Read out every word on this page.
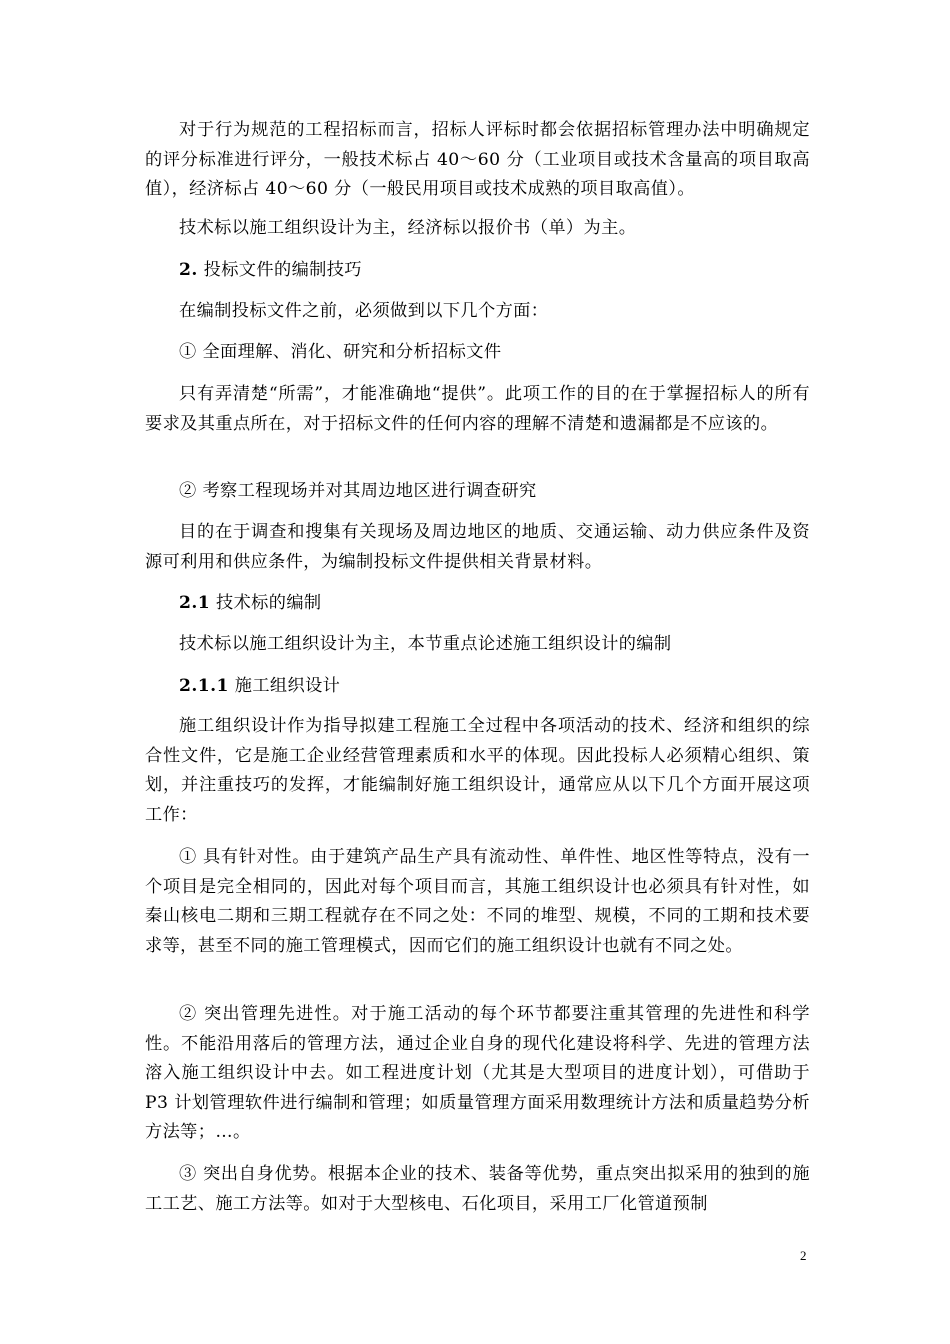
对于行为规范的工程招标而言，招标人评标时都会依据招标管理办法中明确规定的评分标准进行评分，一般技术标占 40～60 分（工业项目或技术含量高的项目取高值），经济标占 40～60 分（一般民用项目或技术成熟的项目取高值）。

技术标以施工组织设计为主，经济标以报价书（单）为主。

2. 投标文件的编制技巧

在编制投标文件之前，必须做到以下几个方面：

① 全面理解、消化、研究和分析招标文件

只有弄清楚“所需”，才能准确地“提供”。此项工作的目的在于掌握招标人的所有要求及其重点所在，对于招标文件的任何内容的理解不清楚和遗漏都是不应该的。

② 考察工程现场并对其周边地区进行调查研究

目的在于调查和搜集有关现场及周边地区的地质、交通运输、动力供应条件及资源可利用和供应条件，为编制投标文件提供相关背景材料。

2.1 技术标的编制

技术标以施工组织设计为主，本节重点论述施工组织设计的编制

2.1.1 施工组织设计

施工组织设计作为指导拟建工程施工全过程中各项活动的技术、经济和组织的综合性文件，它是施工企业经营管理素质和水平的体现。因此投标人必须精心组织、策划，并注重技巧的发挥，才能编制好施工组织设计，通常应从以下几个方面开展这项工作：

① 具有针对性。由于建筑产品生产具有流动性、单件性、地区性等特点，没有一个项目是完全相同的，因此对每个项目而言，其施工组织设计也必须具有针对性，如秦山核电二期和三期工程就存在不同之处：不同的堆型、规模，不同的工期和技术要求等，甚至不同的施工管理模式，因而它们的施工组织设计也就有不同之处。

② 突出管理先进性。对于施工活动的每个环节都要注重其管理的先进性和科学性。不能沿用落后的管理方法，通过企业自身的现代化建设将科学、先进的管理方法溶入施工组织设计中去。如工程进度计划（尤其是大型项目的进度计划），可借助于 P3 计划管理软件进行编制和管理；如质量管理方面采用数理统计方法和质量趋势分析方法等；…。

③ 突出自身优势。根据本企业的技术、装备等优势，重点突出拟采用的独到的施工工艺、施工方法等。如对于大型核电、石化项目，采用工厂化管道预制

2
